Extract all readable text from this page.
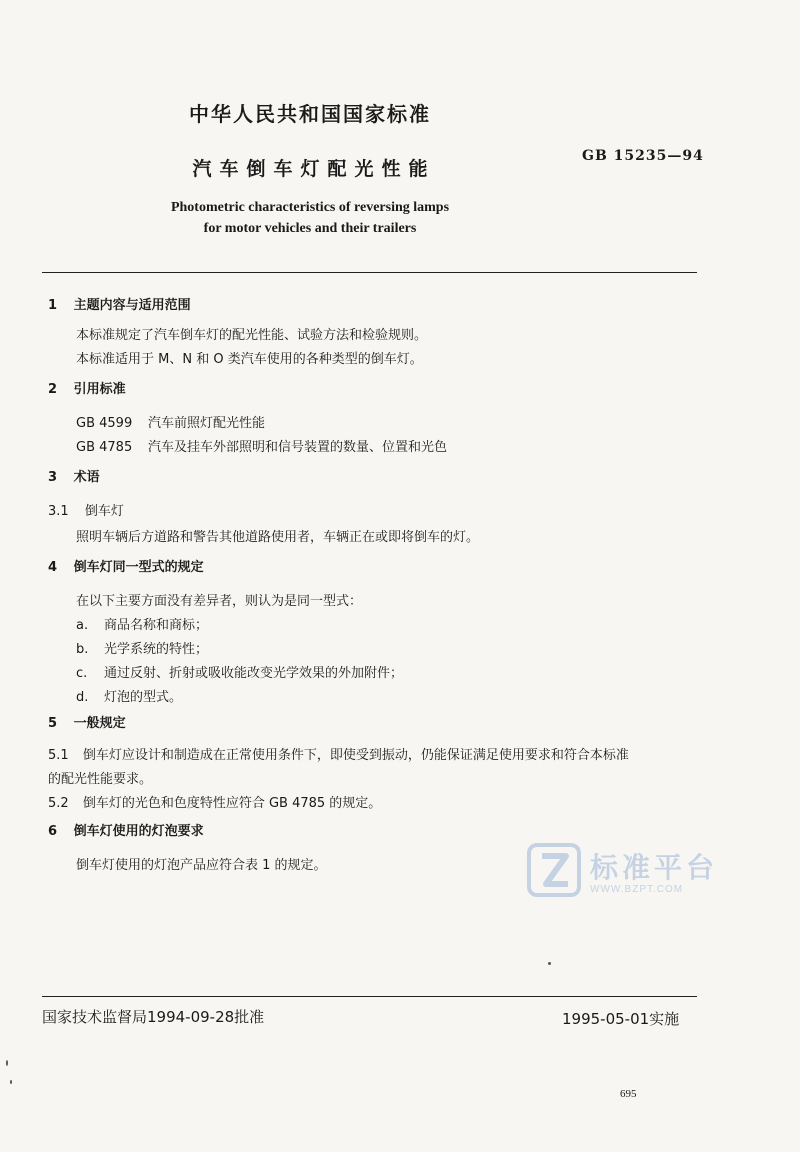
中华人民共和国国家标准
汽车倒车灯配光性能
GB 15235—94
Photometric characteristics of reversing lamps
for motor vehicles and their trailers
1 主题内容与适用范围
本标准规定了汽车倒车灯的配光性能、试验方法和检验规则。
本标准适用于 M、N 和 O 类汽车使用的各种类型的倒车灯。
2 引用标准
GB 4599 汽车前照灯配光性能
GB 4785 汽车及挂车外部照明和信号装置的数量、位置和光色
3 术语
3.1 倒车灯
照明车辆后方道路和警告其他道路使用者，车辆正在或即将倒车的灯。
4 倒车灯同一型式的规定
在以下主要方面没有差异者，则认为是同一型式：
a. 商品名称和商标；
b. 光学系统的特性；
c. 通过反射、折射或吸收能改变光学效果的外加附件；
d. 灯泡的型式。
5 一般规定
5.1 倒车灯应设计和制造成在正常使用条件下，即使受到振动，仍能保证满足使用要求和符合本标准
的配光性能要求。
5.2 倒车灯的光色和色度特性应符合 GB 4785 的规定。
6 倒车灯使用的灯泡要求
倒车灯使用的灯泡产品应符合表 1 的规定。	标准平台
WWW.BZPT.COM
国家技术监督局1994-09-28批准	1995-05-01实施
695
